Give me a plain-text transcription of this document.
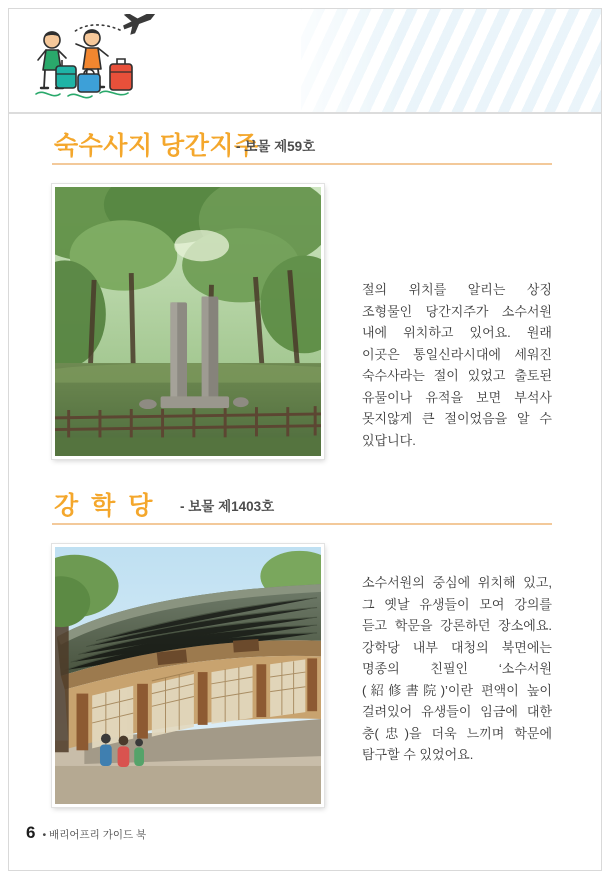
숙수사지 당간지주
- 보물 제59호
절의 위치를 알리는 상징 조형물인 당간지주가 소수서원 내에 위치하고 있어요. 원래 이곳은 통일신라시대에 세워진 숙수사라는 절이 있었고 출토된 유물이나 유적을 보면 부석사 못지않게 큰 절이었음을 알 수 있답니다.
강 학 당 - 보물 제1403호
소수서원의 중심에 위치해 있고, 그 옛날 유생들이 모여 강의를 듣고 학문을 강론하던 장소에요. 강학당 내부 대청의 북면에는 명종의 친필인 ‘소수서원(紹修書院)’이란 편액이 높이 걸려있어 유생들이 임금에 대한 충(忠)을 더욱 느끼며 학문에 탐구할 수 있었어요.
6 • 배리어프리 가이드 북
